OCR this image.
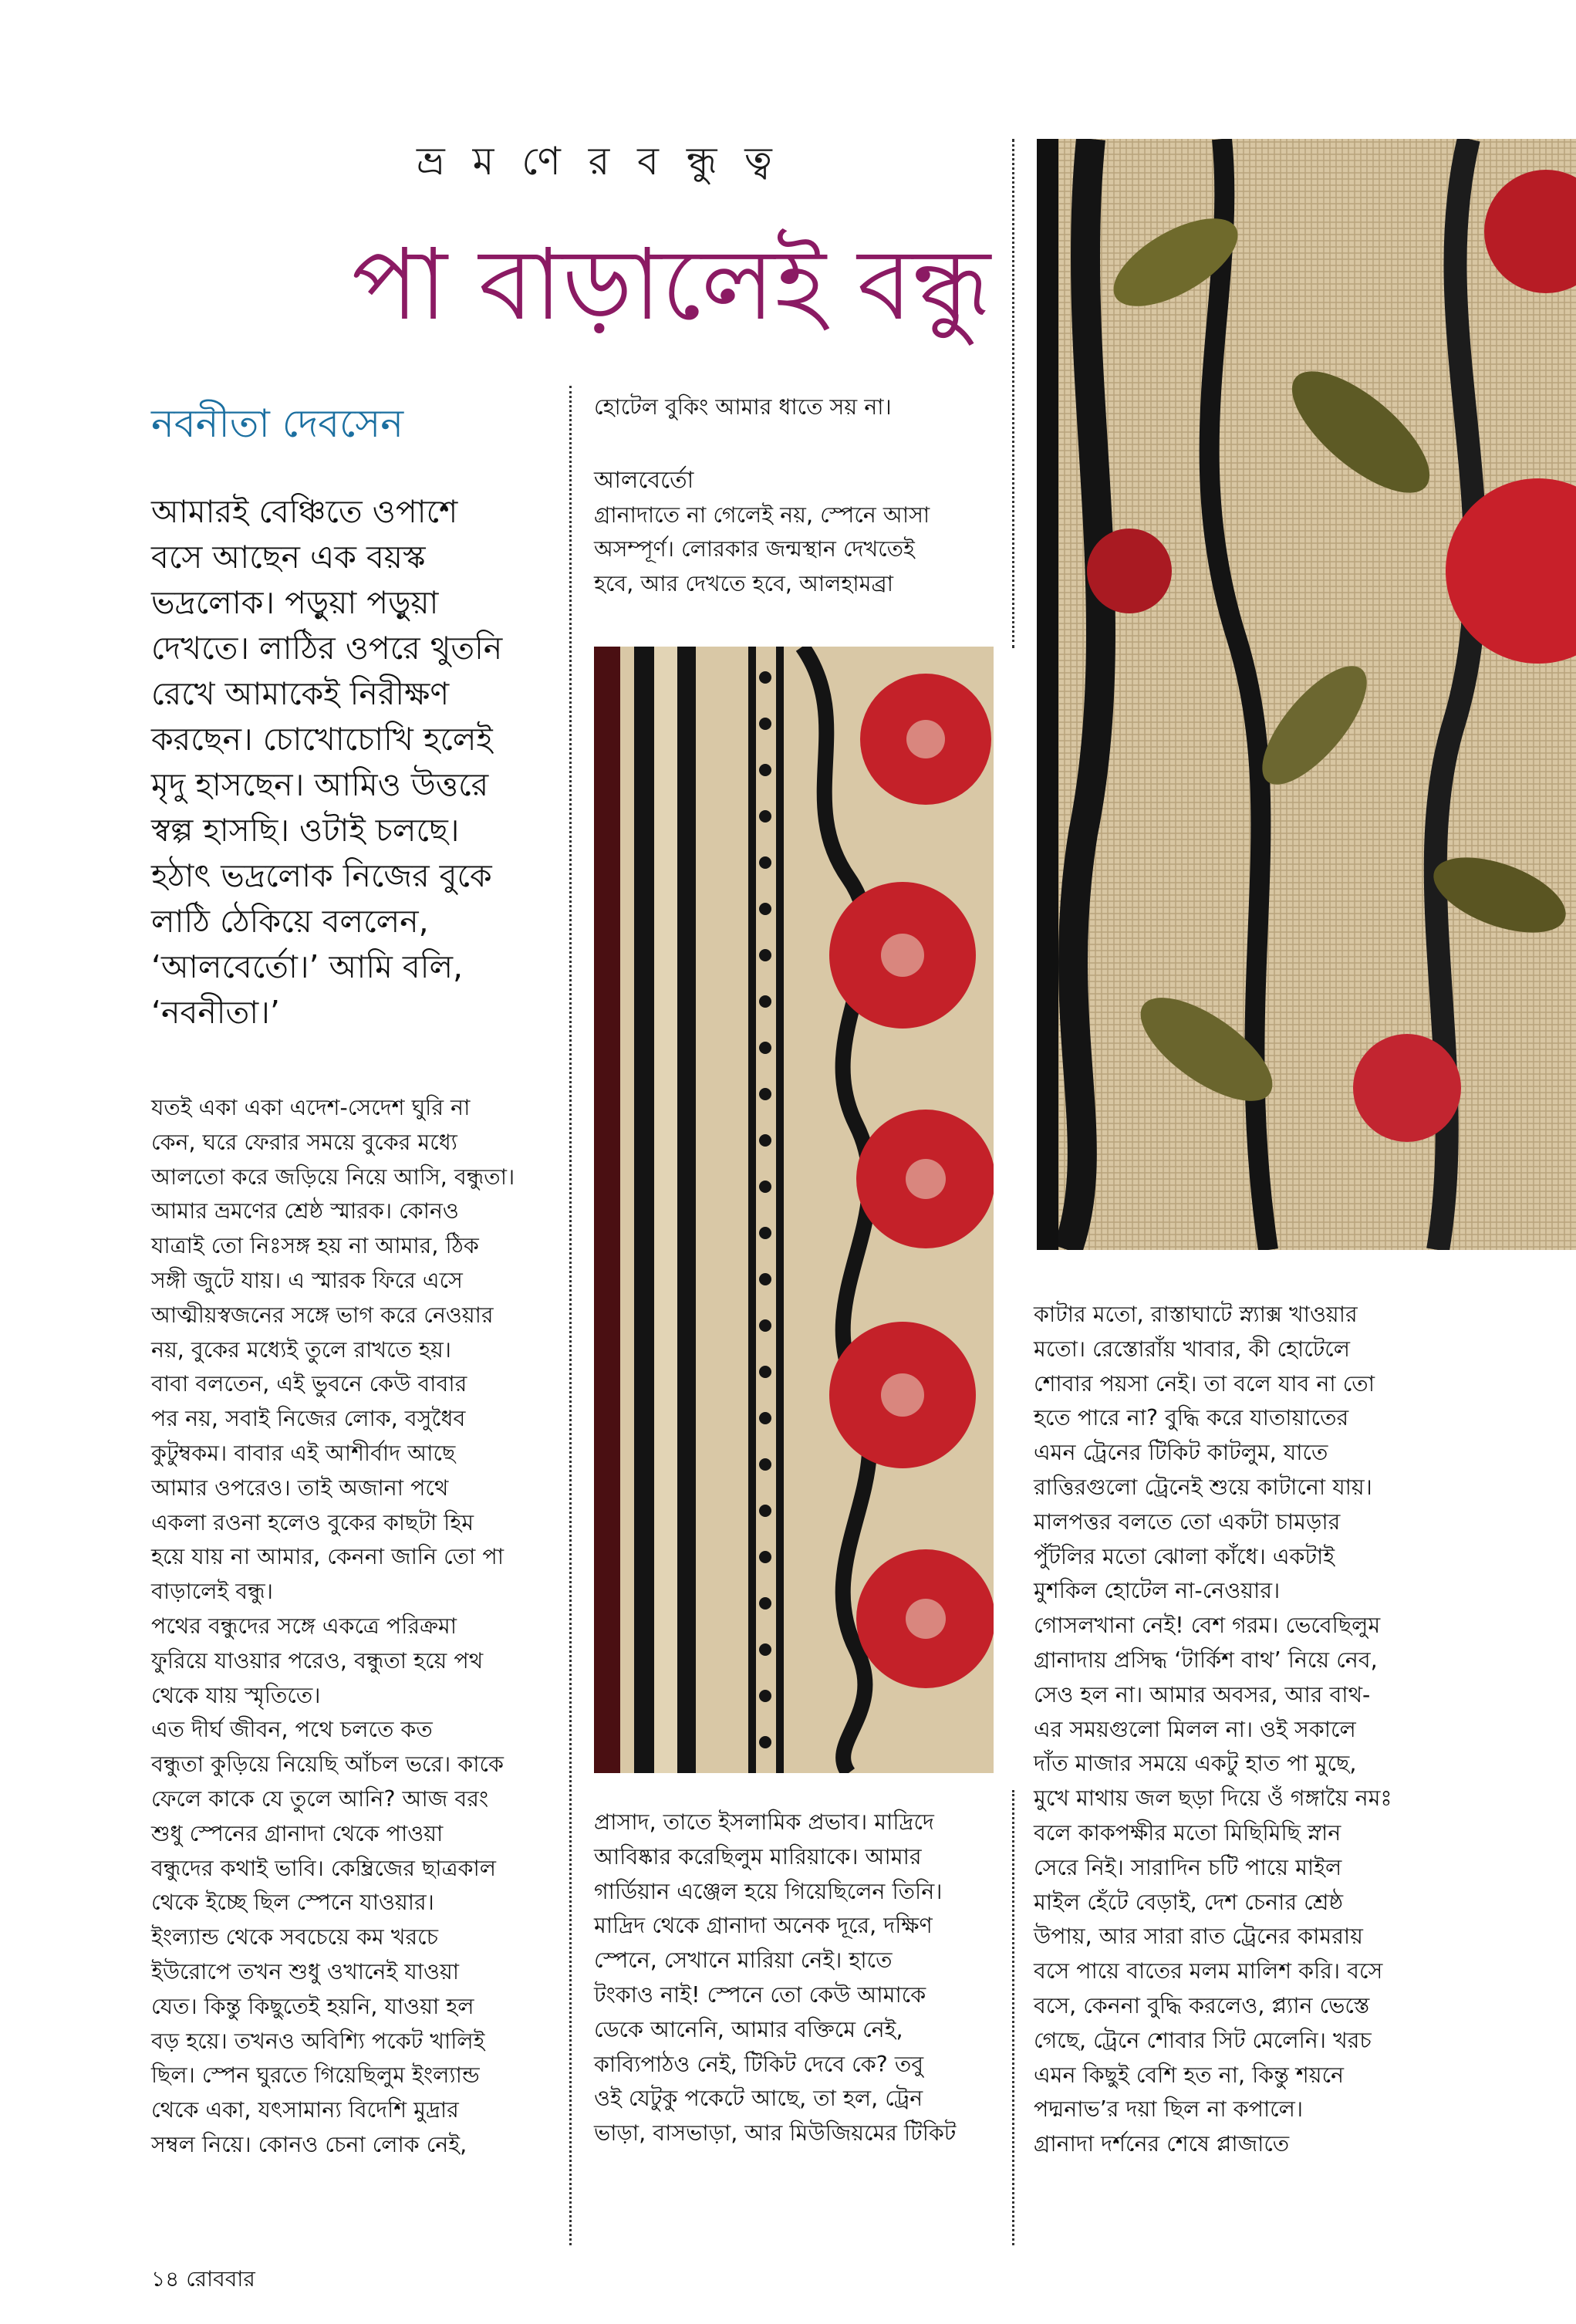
ভ্র ম ণে র ব ন্ধু ত্ব
পা বাড়ালেই বন্ধু
নবনীতা দেবসেন

আমারই বেঞ্চিতে ওপাশে
বসে আছেন এক বয়স্ক
ভদ্রলোক। পড়ুয়া পড়ুয়া
দেখতে। লাঠির ওপরে থুতনি
রেখে আমাকেই নিরীক্ষণ
করছেন। চোখোচোখি হলেই
মৃদু হাসছেন। আমিও উত্তরে
স্বল্প হাসছি। ওটাই চলছে।
হঠাৎ ভদ্রলোক নিজের বুকে
লাঠি ঠেকিয়ে বললেন,
‘আলবের্তো।’ আমি বলি,
‘নবনীতা।’

যতই একা একা এদেশ-সেদেশ ঘুরি না
কেন, ঘরে ফেরার সময়ে বুকের মধ্যে
আলতো করে জড়িয়ে নিয়ে আসি, বন্ধুতা।
আমার ভ্রমণের শ্রেষ্ঠ স্মারক। কোনও
যাত্রাই তো নিঃসঙ্গ হয় না আমার, ঠিক
সঙ্গী জুটে যায়। এ স্মারক ফিরে এসে
আত্মীয়স্বজনের সঙ্গে ভাগ করে নেওয়ার
নয়, বুকের মধ্যেই তুলে রাখতে হয়।
বাবা বলতেন, এই ভুবনে কেউ বাবার
পর নয়, সবাই নিজের লোক, বসুধৈব
কুটুম্বকম। বাবার এই আশীর্বাদ আছে
আমার ওপরেও। তাই অজানা পথে
একলা রওনা হলেও বুকের কাছটা হিম
হয়ে যায় না আমার, কেননা জানি তো পা
বাড়ালেই বন্ধু।
পথের বন্ধুদের সঙ্গে একত্রে পরিক্রমা
ফুরিয়ে যাওয়ার পরেও, বন্ধুতা হয়ে পথ
থেকে যায় স্মৃতিতে।
এত দীর্ঘ জীবন, পথে চলতে কত
বন্ধুতা কুড়িয়ে নিয়েছি আঁচল ভরে। কাকে
ফেলে কাকে যে তুলে আনি? আজ বরং
শুধু স্পেনের গ্রানাদা থেকে পাওয়া
বন্ধুদের কথাই ভাবি। কেম্ব্রিজের ছাত্রকাল
থেকে ইচ্ছে ছিল স্পেনে যাওয়ার।
ইংল্যান্ড থেকে সবচেয়ে কম খরচে
ইউরোপে তখন শুধু ওখানেই যাওয়া
যেত। কিন্তু কিছুতেই হয়নি, যাওয়া হল
বড় হয়ে। তখনও অবিশ্যি পকেট খালিই
ছিল। স্পেন ঘুরতে গিয়েছিলুম ইংল্যান্ড
থেকে একা, যৎসামান্য বিদেশি মুদ্রার
সম্বল নিয়ে। কোনও চেনা লোক নেই,

হোটেল বুকিং আমার ধাতে সয় না।

আলবের্তো

গ্রানাদাতে না গেলেই নয়, স্পেনে আসা
অসম্পূর্ণ। লোরকার জন্মস্থান দেখতেই
হবে, আর দেখতে হবে, আলহামব্রা

প্রাসাদ, তাতে ইসলামিক প্রভাব। মাদ্রিদে
আবিষ্কার করেছিলুম মারিয়াকে। আমার
গার্ডিয়ান এঞ্জেল হয়ে গিয়েছিলেন তিনি।
মাদ্রিদ থেকে গ্রানাদা অনেক দূরে, দক্ষিণ
স্পেনে, সেখানে মারিয়া নেই। হাতে
টংকাও নাই! স্পেনে তো কেউ আমাকে
ডেকে আনেনি, আমার বক্তিমে নেই,
কাব্যিপাঠও নেই, টিকিট দেবে কে? তবু
ওই যেটুকু পকেটে আছে, তা হল, ট্রেন
ভাড়া, বাসভাড়া, আর মিউজিয়মের টিকিট

কাটার মতো, রাস্তাঘাটে স্ন্যাক্স খাওয়ার
মতো। রেস্তোরাঁয় খাবার, কী হোটেলে
শোবার পয়সা নেই। তা বলে যাব না তো
হতে পারে না? বুদ্ধি করে যাতায়াতের
এমন ট্রেনের টিকিট কাটলুম, যাতে
রাত্তিরগুলো ট্রেনেই শুয়ে কাটানো যায়।
মালপত্তর বলতে তো একটা চামড়ার
পুঁটলির মতো ঝোলা কাঁধে। একটাই
মুশকিল হোটেল না-নেওয়ার।
গোসলখানা নেই! বেশ গরম। ভেবেছিলুম
গ্রানাদায় প্রসিদ্ধ ‘টার্কিশ বাথ’ নিয়ে নেব,
সেও হল না। আমার অবসর, আর বাথ-
এর সময়গুলো মিলল না। ওই সকালে
দাঁত মাজার সময়ে একটু হাত পা মুছে,
মুখে মাথায় জল ছড়া দিয়ে ওঁ গঙ্গায়ৈ নমঃ
বলে কাকপক্ষীর মতো মিছিমিছি স্নান
সেরে নিই। সারাদিন চটি পায়ে মাইল
মাইল হেঁটে বেড়াই, দেশ চেনার শ্রেষ্ঠ
উপায়, আর সারা রাত ট্রেনের কামরায়
বসে পায়ে বাতের মলম মালিশ করি। বসে
বসে, কেননা বুদ্ধি করলেও, প্ল্যান ভেস্তে
গেছে, ট্রেনে শোবার সিট মেলেনি। খরচ
এমন কিছুই বেশি হত না, কিন্তু শয়নে
পদ্মনাভ’র দয়া ছিল না কপালে।
গ্রানাদা দর্শনের শেষে প্লাজাতে

১৪ রোববার
